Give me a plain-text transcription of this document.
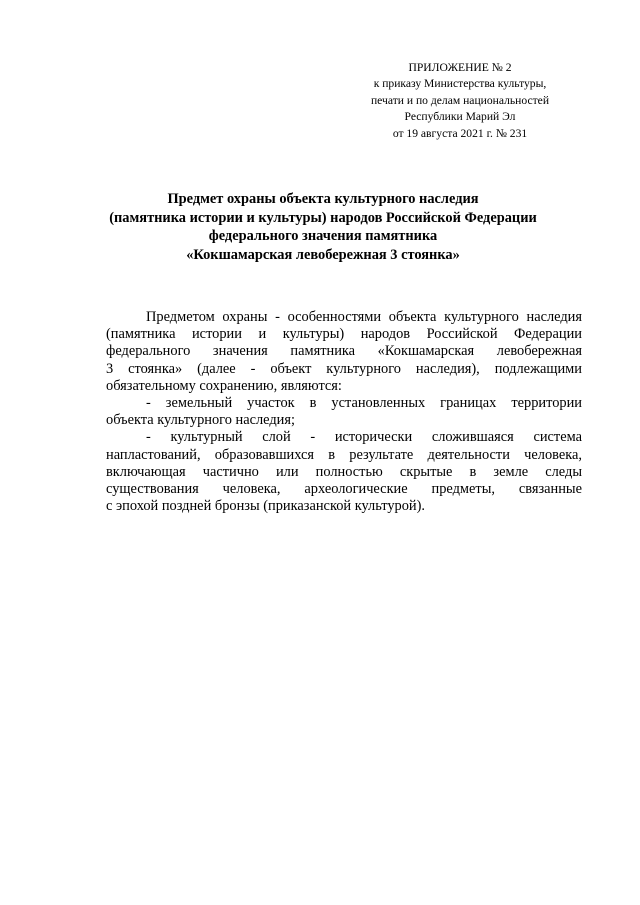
ПРИЛОЖЕНИЕ № 2
к приказу Министерства культуры,
печати и по делам национальностей
Республики Марий Эл
от 19 августа 2021 г. № 231
Предмет охраны объекта культурного наследия
(памятника истории и культуры) народов Российской Федерации
федерального значения памятника
«Кокшамарская левобережная 3 стоянка»
Предметом охраны - особенностями объекта культурного наследия
(памятника истории и культуры) народов Российской Федерации
федерального значения памятника «Кокшамарская левобережная
3 стоянка» (далее - объект культурного наследия), подлежащими
обязательному сохранению, являются:
- земельный участок в установленных границах территории
объекта культурного наследия;
- культурный слой - исторически сложившаяся система
напластований, образовавшихся в результате деятельности человека,
включающая частично или полностью скрытые в земле следы
существования человека, археологические предметы, связанные
с эпохой поздней бронзы (приказанской культурой).
